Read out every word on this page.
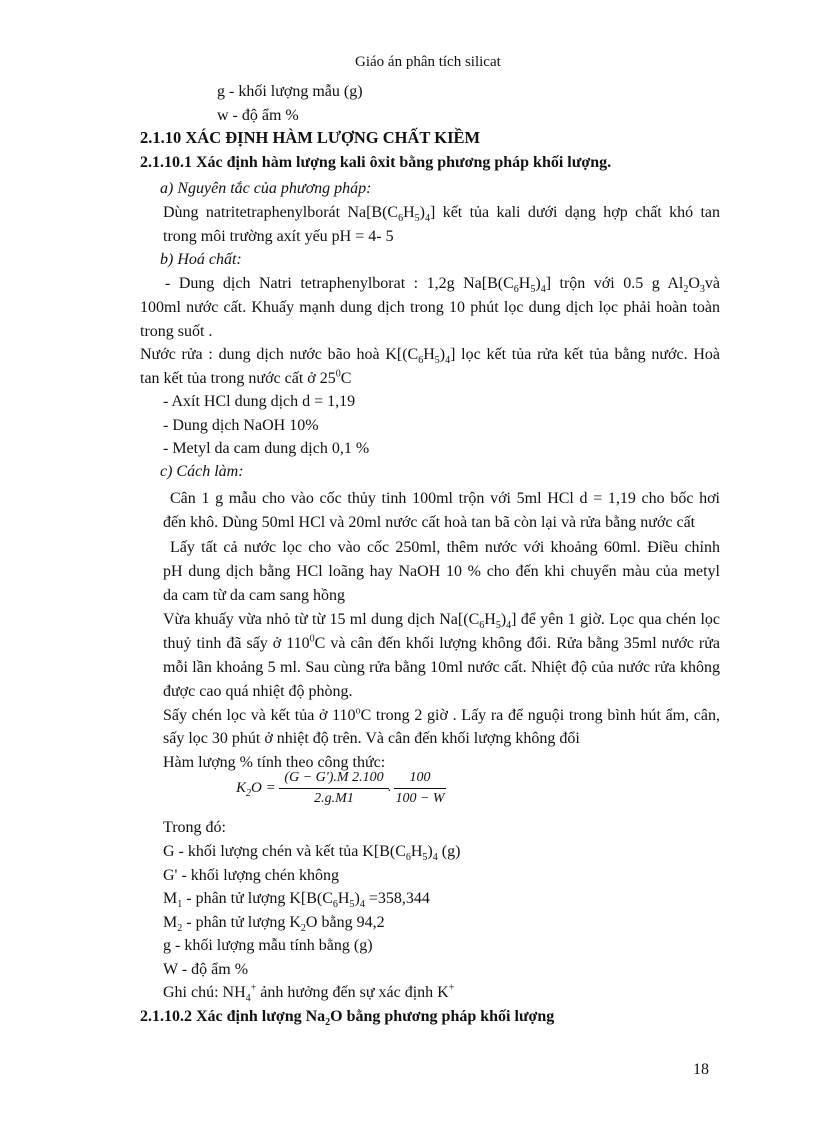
Giáo án phân tích silicat
g - khối lượng mẫu (g)
w - độ ẩm %
2.1.10 XÁC ĐỊNH HÀM LƯỢNG CHẤT KIỀM
2.1.10.1 Xác định hàm lượng kali ôxit bằng phương pháp khối lượng.
a) Nguyên tắc của phương pháp:
Dùng natritetraphenylborát $Na[B(C_6H_5)_4]$ kết tủa kali dưới dạng hợp chất khó tan
trong môi trường axít yếu pH = 4- 5
b) Hoá chất:
- Dung dịch Natri tetraphenylborat : 1,2g $Na[B(C_6H_5)_4]$ trộn với 0.5 g $Al_2O_3và$
100ml nước cất. Khuấy mạnh dung dịch trong 10 phút lọc dung dịch lọc phải hoàn toàn
trong suốt .
Nước rửa : dung dịch nước bão hoà $K[(C_6H_5)_4]$ lọc kết tủa rửa kết tủa bằng nước. Hoà
tan kết tủa trong nước cất ở $25^0C$
- Axít HCl dung dịch d = 1,19
- Dung dịch NaOH 10%
- Metyl da cam dung dịch 0,1 %
c) Cách làm:
Cân 1 g mẫu cho vào cốc thủy tinh 100ml trộn với 5ml HCl d = 1,19 cho bốc hơi
đến khô. Dùng 50ml HCl và 20ml nước cất hoà tan bã còn lại và rửa bằng nước cất
Lấy tất cả nước lọc cho vào cốc 250ml, thêm nước với khoảng 60ml. Điều chỉnh
pH dung dịch bằng HCl loãng hay NaOH 10 % cho đến khi chuyển màu của metyl
da cam từ da cam sang hồng
Vừa khuấy vừa nhỏ từ từ 15 ml dung dịch $Na[(C_6H_5)_4]$ để yên 1 giờ. Lọc qua chén lọc
thuỷ tinh đã sấy ở $110^0C$ và cân đến khối lượng không đổi. Rửa bằng 35ml nước rửa
mỗi lần khoảng 5 ml. Sau cùng rửa bằng 10ml nước cất. Nhiệt độ của nước rửa không
được cao quá nhiệt độ phòng.
Sấy chén lọc và kết tủa ở 110$^o$C trong 2 giờ . Lấy ra để nguội trong bình hút ẩm, cân,
sấy lọc 30 phút ở nhiệt độ trên. Và cân đến khối lượng không đổi
Hàm lượng % tính theo công thức:
$K_2O$ =
(G − G').M 2.100
2.g.M1
.
100
100 − W
Trong đó:
G - khối lượng chén và kết tủa $K[B(C_6H_5)_4$ (g)
G' - khối lượng chén không
$M_1$ - phân tử lượng $K[B(C_6H_5)_4 =358,344$
$M_2$ - phân tử lượng $K_2O$ bằng 94,2
g - khối lượng mẫu tính bằng (g)
W - độ ẩm %
Ghi chú: $NH_4^+$ ảnh hưởng đến sự xác định K+
2.1.10.2 Xác định lượng $Na_2O$ bằng phương pháp khối lượng
18
